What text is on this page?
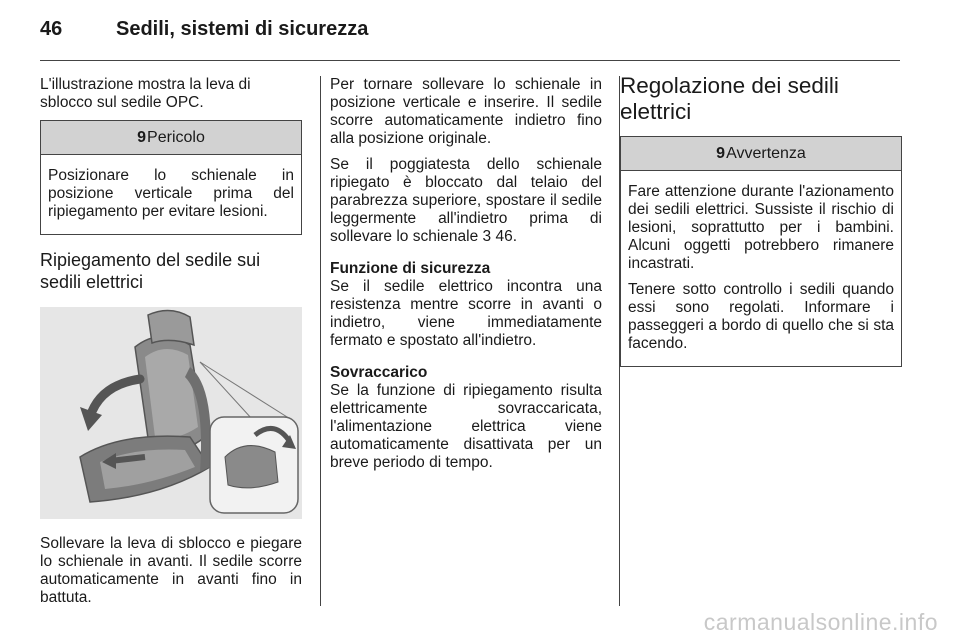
46	Sedili, sistemi di sicurezza

L'illustrazione mostra la leva di sblocco sul sedile OPC.

9Pericolo

Posizionare lo schienale in posizione verticale prima del ripiegamento per evitare lesioni.

Ripiegamento del sedile sui sedili elettrici

Sollevare la leva di sblocco e piegare lo schienale in avanti. Il sedile scorre automaticamente in avanti fino in battuta.

Per tornare sollevare lo schienale in posizione verticale e inserire. Il sedile scorre automaticamente indietro fino alla posizione originale.

Se il poggiatesta dello schienale ripiegato è bloccato dal telaio del parabrezza superiore, spostare il sedile leggermente all'indietro prima di sollevare lo schienale 3 46.

Funzione di sicurezza
Se il sedile elettrico incontra una resistenza mentre scorre in avanti o indietro, viene immediatamente fermato e spostato all'indietro.

Sovraccarico
Se la funzione di ripiegamento risulta elettricamente sovraccaricata, l'alimentazione elettrica viene automaticamente disattivata per un breve periodo di tempo.

Regolazione dei sedili elettrici
9Avvertenza

Fare attenzione durante l'azionamento dei sedili elettrici. Sussiste il rischio di lesioni, soprattutto per i bambini. Alcuni oggetti potrebbero rimanere incastrati.

Tenere sotto controllo i sedili quando essi sono regolati. Informare i passeggeri a bordo di quello che si sta facendo.

carmanualsonline.info
